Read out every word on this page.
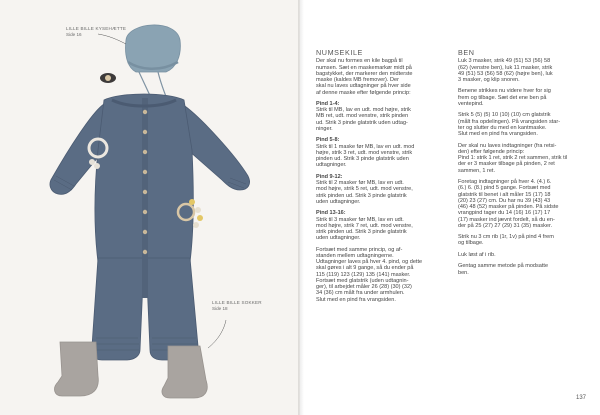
LILLE BILLE KYSEHÆTTE
Side 16
LILLE BILLE SOKKER
Side 18
NUMSEKILE

Der skal nu formes en kile bagpå til
numsen. Sæt en maskemarkør midt på
bagstykket, der markerer den midterste
maske (kaldes MB fremover). Der
skal nu laves udtagninger på hver side
af denne maske efter følgende princip:

Pind 1-4:
Strik til MB, lav en udt. mod højre, strik
MB ret, udt. mod venstre, strik pinden
ud. Strik 3 pinde glatstrik uden udtag-
ninger.

Pind 5-8:
Strik til 1 maske før MB, lav en udt. mod
højre, strik 3 ret, udt. mod venstre, strik
pinden ud. Strik 3 pinde glatstrik uden
udtagninger.

Pind 9-12:
Strik til 2 masker før MB, lav en udt.
mod højre, strik 5 ret, udt. mod venstre,
strik pinden ud. Strik 3 pinde glatstrik
uden udtagninger.

Pind 13-16:
Strik til 3 masker før MB, lav en udt.
mod højre, strik 7 ret, udt. mod venstre,
strik pinden ud. Strik 3 pinde glatstrik
uden udtagninger.

Fortsæt med samme princip, og af-
standen mellem udtagningerne.
Udtagninger laves på hver 4. pind, og dette
skal gøres i alt 9 gange, så du ender på
115 (119) 123 (129) 135 (141) masker.
Fortsæt med glatstrik (uden udtagnin-
ger), til arbejdet måler 26 (28) (30) (32)
34 (36) cm målt fra under armhulen.
Slut med en pind fra vrangsiden.

BEN

Luk 3 masker, strik 49 (51) 53 (56) 58
(62) (venstre ben), luk 11 masker, strik
49 (51) 53 (56) 58 (62) (højre ben), luk
3 masker, og klip snoren.

Benene strikkes nu videre hver for sig
frem og tilbage. Sæt det ene ben på
ventepind.

Strik 5 (5) (5) 10 (10) (10) cm glatstrik
(målt fra opdelingen). På vrangsiden star-
ter og slutter du med en kantmaske.
Slut med en pind fra vrangsiden.

Der skal nu laves indtagninger (fra retsi-
den) efter følgende princip:
Pind 1: strik 1 ret, strik 2 ret sammen, strik til
der er 3 masker tilbage på pinden, 2 ret
sammen, 1 ret.

Foretag indtagninger på hver 4. (4.) 6.
(6.) 6. (8.) pind 5 gange. Fortsæt med
glatstrik til benet i alt måler 15 (17) 18
(20) 23 (27) cm. Du har nu 39 (43) 43
(46) 48 (52) masker på pinden. På sidste
vrangpind tager du 14 (16) 16 (17) 17
(17) masker ind jævnt fordelt, så du en-
der på 25 (27) 27 (29) 31 (35) masker.

Strik nu 3 cm rib (1r, 1v) på pind 4 frem
og tilbage.

Luk løst af i rib.

Gentag samme metode på modsatte
ben.

137
